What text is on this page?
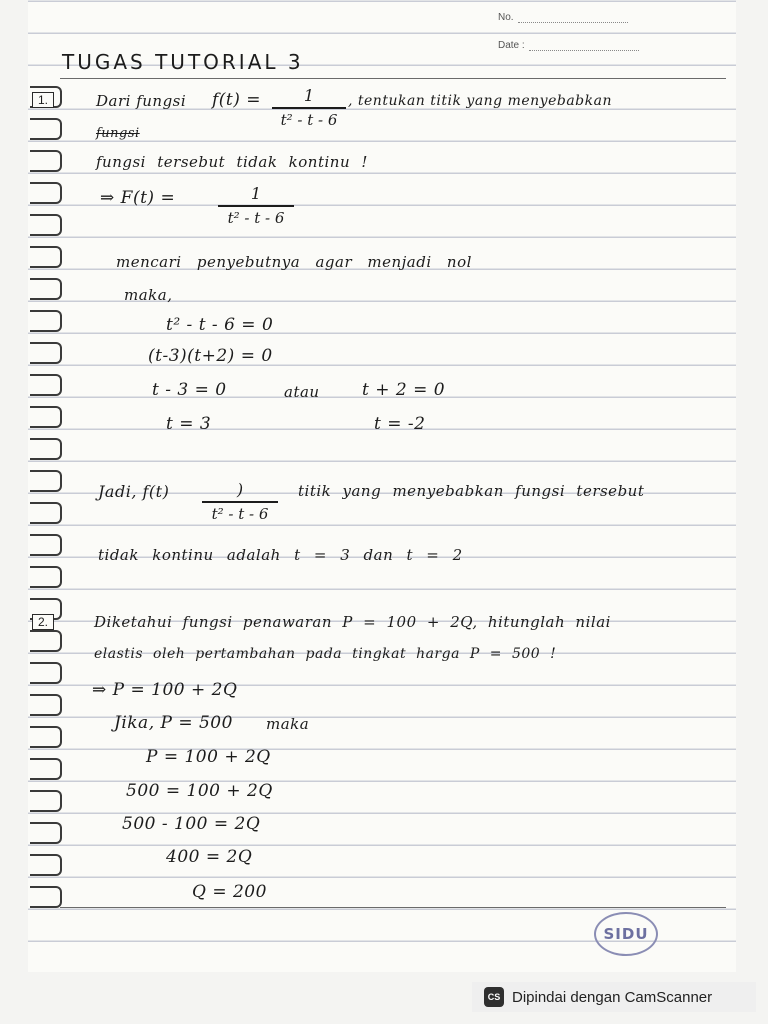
No.
Date :
TUGAS TUTORIAL 3
1.	Dari fungsi f(t) =	1
t² - t - 6
, tentukan titik yang menyebabkan
fungsi
fungsi tersebut tidak kontinu !
⇒ F(t) =	1
t² - t - 6
mencari penyebutnya agar menjadi nol
maka,
t² - t - 6 = 0
(t-3)(t+2) = 0
t - 3 = 0	atau t + 2 = 0
t = 3	t = -2
Jadi, f(t)	)
t² - t - 6
titik yang menyebabkan fungsi tersebut
tidak kontinu adalah t = 3 dan t = 2
2.	Diketahui fungsi penawaran P = 100 + 2Q, hitunglah nilai
elastis oleh pertambahan pada tingkat harga P = 500 !
⇒ P = 100 + 2Q
Jika, P = 500 maka
P = 100 + 2Q
500 = 100 + 2Q
500 - 100 = 2Q
400 = 2Q
Q = 200
SIDU
CS Dipindai dengan CamScanner
